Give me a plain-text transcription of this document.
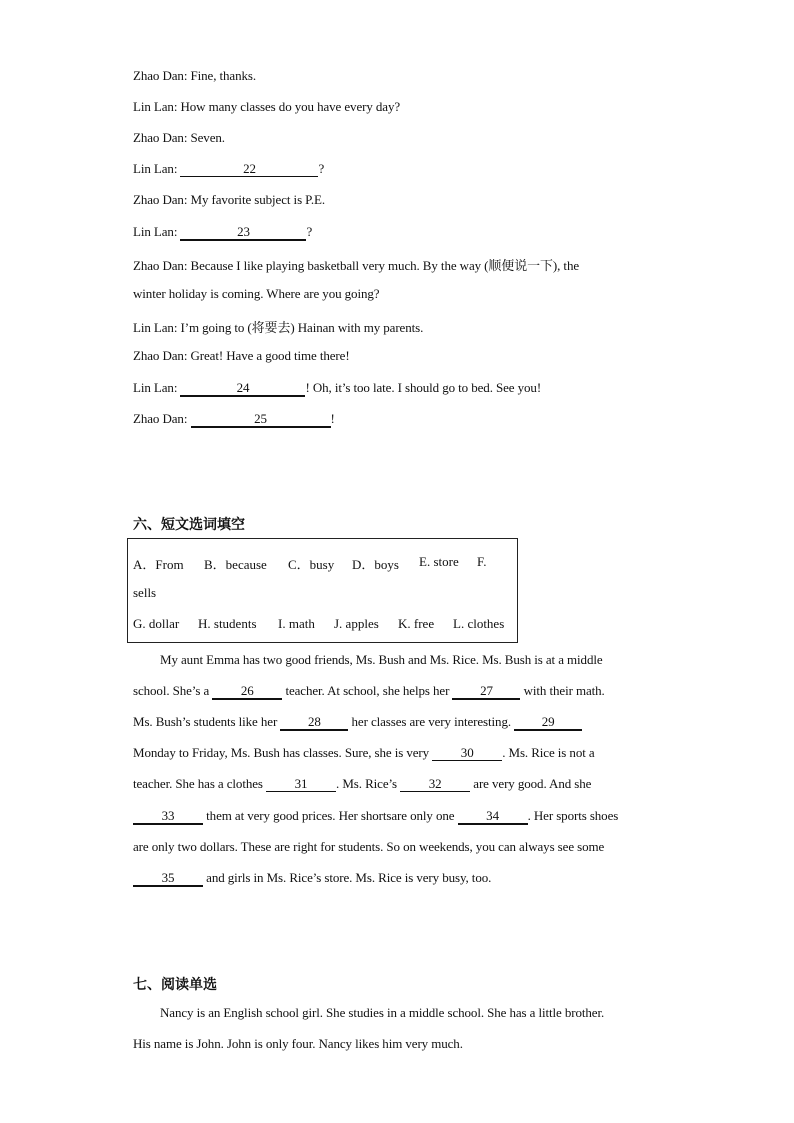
Zhao Dan: Fine, thanks.
Lin Lan: How many classes do you have every day?
Zhao Dan: Seven.
Lin Lan:	22	?
Zhao Dan: My favorite subject is P.E.
Lin Lan:	23	?
Zhao Dan: Because I like playing basketball very much. By the way (顺便说一下), the
winter holiday is coming. Where are you going?
Lin Lan: I’m going to (将要去) Hainan with my parents.
Zhao Dan: Great! Have a good time there!
Lin Lan:	24	! Oh, it’s too late. I should go to bed. See you!
Zhao Dan:	25	!
六、短文选词填空
A．From B．because C．busy D．boys E. store F.
sells
G. dollar H. students I. math J. apples K. free L. clothes
My aunt Emma has two good friends, Ms. Bush and Ms. Rice. Ms. Bush is at a middle
school. She’s a 26 teacher. At school, she helps her 27 with their math.
Ms. Bush’s students like her 28 her classes are very interesting. 29
Monday to Friday, Ms. Bush has classes. Sure, she is very 30 . Ms. Rice is not a
teacher. She has a clothes 31 . Ms. Rice’s 32 are very good. And she
33 them at very good prices. Her shortsare only one 34 . Her sports shoes
are only two dollars. These are right for students. So on weekends, you can always see some
35 and girls in Ms. Rice’s store. Ms. Rice is very busy, too.
七、阅读单选
Nancy is an English school girl. She studies in a middle school. She has a little brother.
His name is John. John is only four. Nancy likes him very much.
